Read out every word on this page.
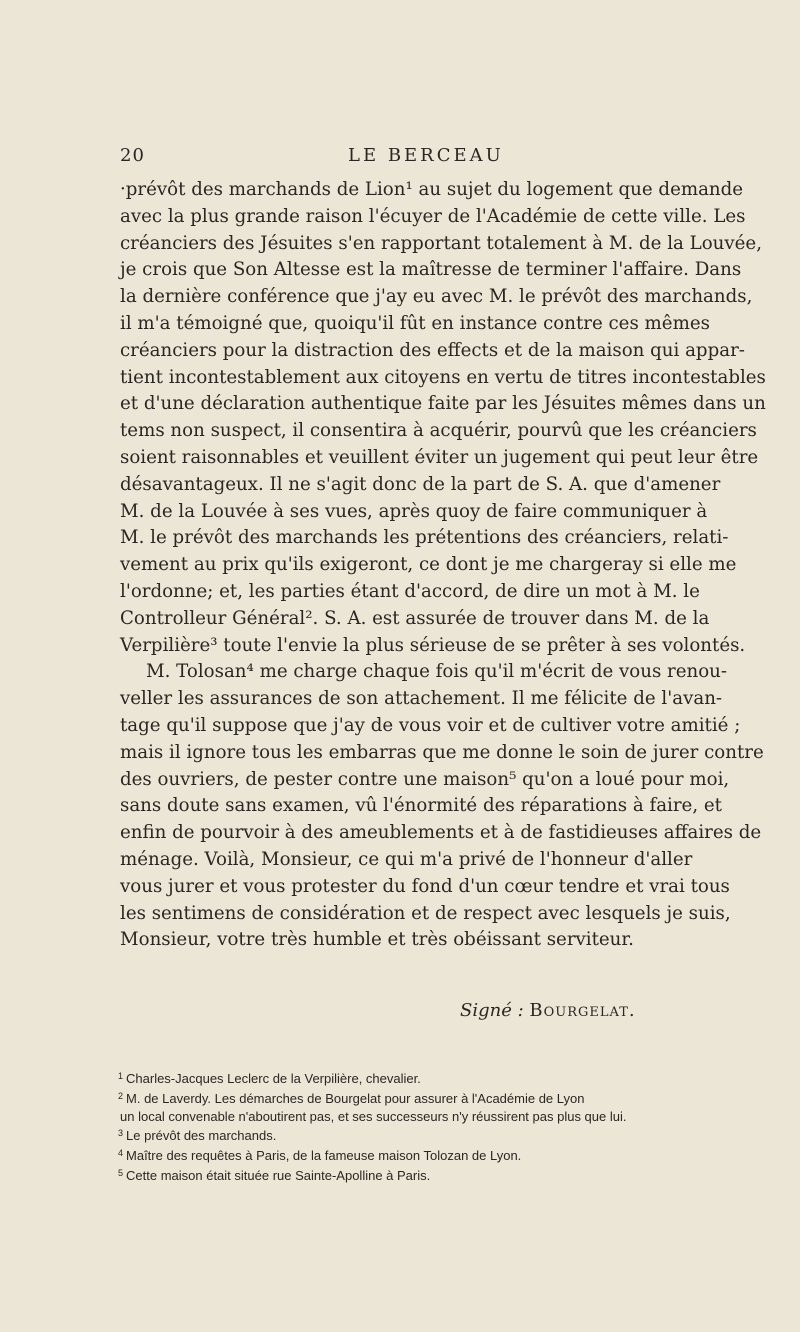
20	LE BERCEAU

·prévôt des marchands de Lion¹ au sujet du logement que demande
avec la plus grande raison l'écuyer de l'Académie de cette ville. Les
créanciers des Jésuites s'en rapportant totalement à M. de la Louvée,
je crois que Son Altesse est la maîtresse de terminer l'affaire. Dans
la dernière conférence que j'ay eu avec M. le prévôt des marchands,
il m'a témoigné que, quoiqu'il fût en instance contre ces mêmes
créanciers pour la distraction des effects et de la maison qui appar-
tient incontestablement aux citoyens en vertu de titres incontestables
et d'une déclaration authentique faite par les Jésuites mêmes dans un
tems non suspect, il consentira à acquérir, pourvû que les créanciers
soient raisonnables et veuillent éviter un jugement qui peut leur être
désavantageux. Il ne s'agit donc de la part de S. A. que d'amener
M. de la Louvée à ses vues, après quoy de faire communiquer à
M. le prévôt des marchands les prétentions des créanciers, relati-
vement au prix qu'ils exigeront, ce dont je me chargeray si elle me
l'ordonne; et, les parties étant d'accord, de dire un mot à M. le
Controlleur Général². S. A. est assurée de trouver dans M. de la
Verpilière³ toute l'envie la plus sérieuse de se prêter à ses volontés.

M. Tolosan⁴ me charge chaque fois qu'il m'écrit de vous renou-
veller les assurances de son attachement. Il me félicite de l'avan-
tage qu'il suppose que j'ay de vous voir et de cultiver votre amitié ;
mais il ignore tous les embarras que me donne le soin de jurer contre
des ouvriers, de pester contre une maison⁵ qu'on a loué pour moi,
sans doute sans examen, vû l'énormité des réparations à faire, et
enfin de pourvoir à des ameublements et à de fastidieuses affaires de
ménage. Voilà, Monsieur, ce qui m'a privé de l'honneur d'aller
vous jurer et vous protester du fond d'un cœur tendre et vrai tous
les sentimens de considération et de respect avec lesquels je suis,
Monsieur, votre très humble et très obéissant serviteur.

Signé : Bourgelat.

$^1$ Charles-Jacques Leclerc de la Verpilière, chevalier.

$^2$ M. de Laverdy. Les démarches de Bourgelat pour assurer à l'Académie de Lyon

un local convenable n'aboutirent pas, et ses successeurs n'y réussirent pas plus que lui.

$^3$ Le prévôt des marchands.

$^4$ Maître des requêtes à Paris, de la fameuse maison Tolozan de Lyon.

$^5$ Cette maison était située rue Sainte-Apolline à Paris.
